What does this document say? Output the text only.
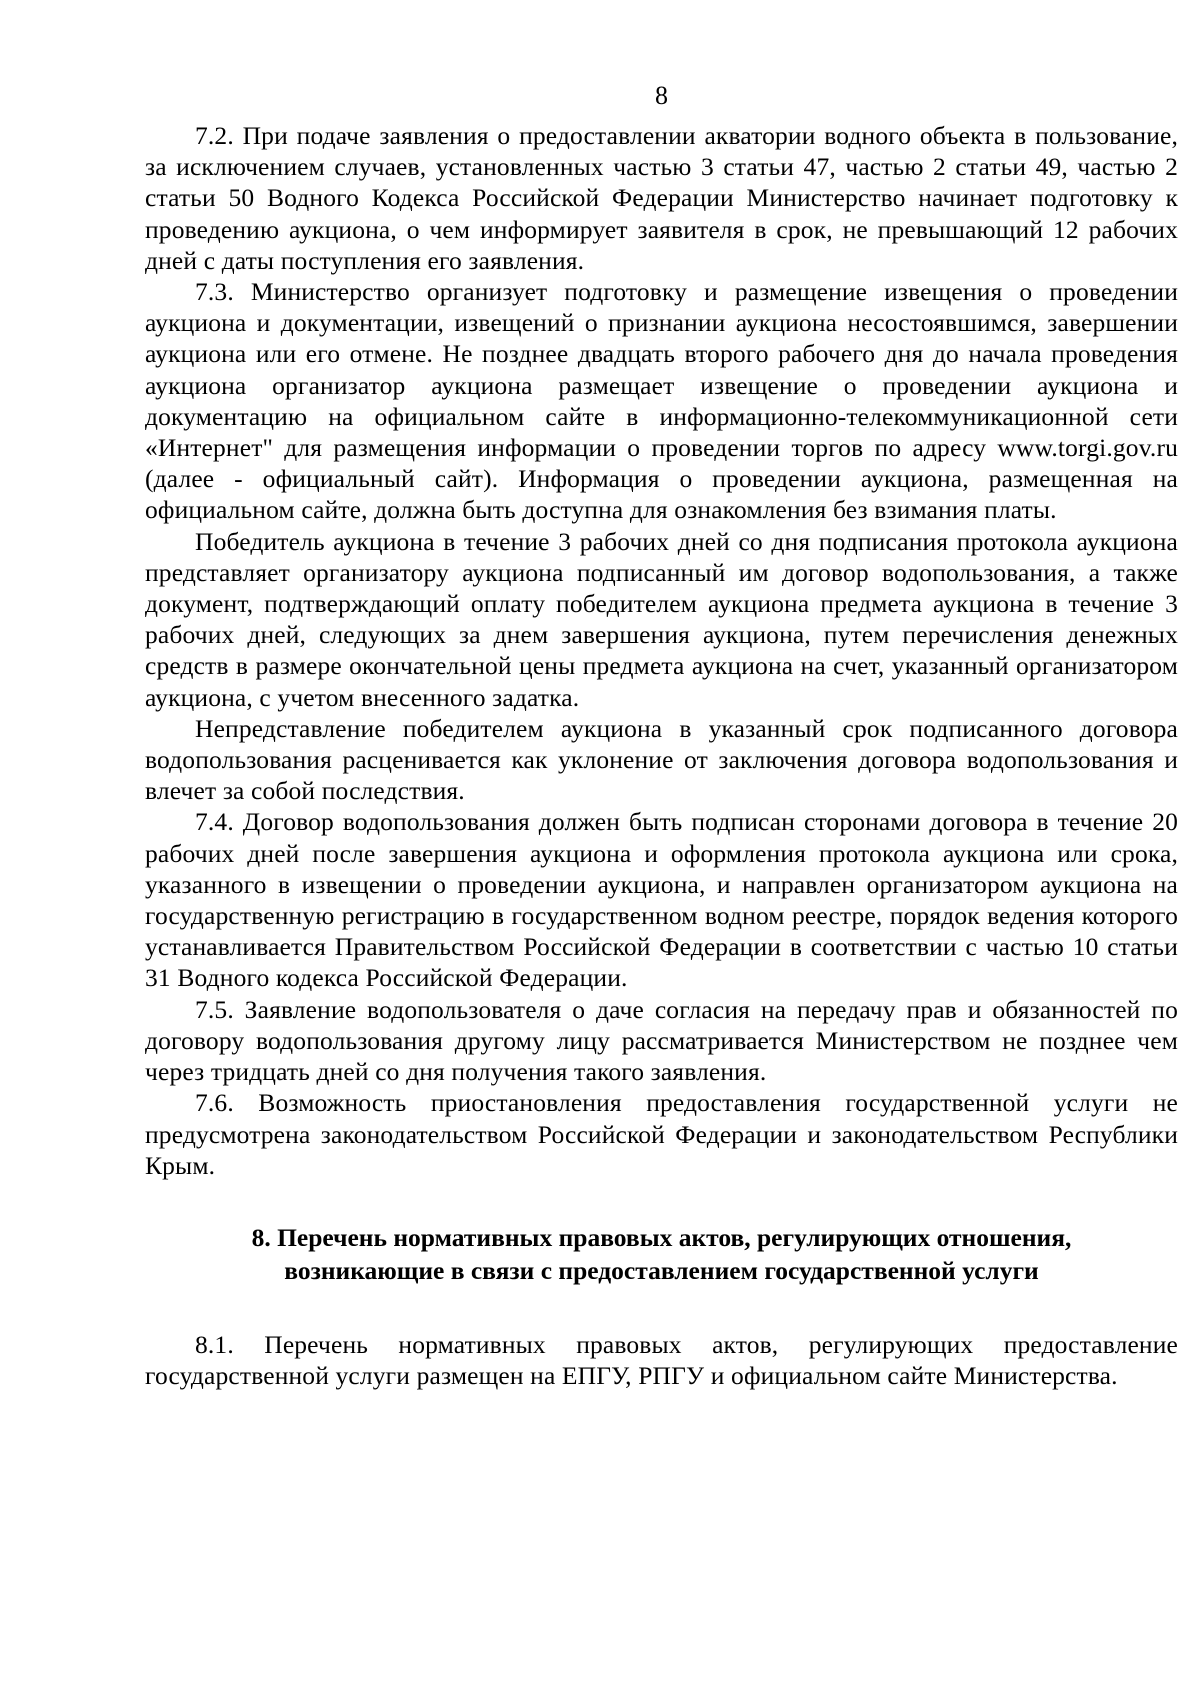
8

7.2. При подаче заявления о предоставлении акватории водного объекта в пользование, за исключением случаев, установленных частью 3 статьи 47, частью 2 статьи 49, частью 2 статьи 50 Водного Кодекса Российской Федерации Министерство начинает подготовку к проведению аукциона, о чем информирует заявителя в срок, не превышающий 12 рабочих дней с даты поступления его заявления.

7.3. Министерство организует подготовку и размещение извещения о проведении аукциона и документации, извещений о признании аукциона несостоявшимся, завершении аукциона или его отмене. Не позднее двадцать второго рабочего дня до начала проведения аукциона организатор аукциона размещает извещение о проведении аукциона и документацию на официальном сайте в информационно-телекоммуникационной сети «Интернет" для размещения информации о проведении торгов по адресу www.torgi.gov.ru (далее - официальный сайт). Информация о проведении аукциона, размещенная на официальном сайте, должна быть доступна для ознакомления без взимания платы.

Победитель аукциона в течение 3 рабочих дней со дня подписания протокола аукциона представляет организатору аукциона подписанный им договор водопользования, а также документ, подтверждающий оплату победителем аукциона предмета аукциона в течение 3 рабочих дней, следующих за днем завершения аукциона, путем перечисления денежных средств в размере окончательной цены предмета аукциона на счет, указанный организатором аукциона, с учетом внесенного задатка.

Непредставление победителем аукциона в указанный срок подписанного договора водопользования расценивается как уклонение от заключения договора водопользования и влечет за собой последствия.

7.4. Договор водопользования должен быть подписан сторонами договора в течение 20 рабочих дней после завершения аукциона и оформления протокола аукциона или срока, указанного в извещении о проведении аукциона, и направлен организатором аукциона на государственную регистрацию в государственном водном реестре, порядок ведения которого устанавливается Правительством Российской Федерации в соответствии с частью 10 статьи 31 Водного кодекса Российской Федерации.

7.5. Заявление водопользователя о даче согласия на передачу прав и обязанностей по договору водопользования другому лицу рассматривается Министерством не позднее чем через тридцать дней со дня получения такого заявления.

7.6. Возможность приостановления предоставления государственной услуги не предусмотрена законодательством Российской Федерации и законодательством Республики Крым.

8. Перечень нормативных правовых актов, регулирующих отношения,
возникающие в связи с предоставлением государственной услуги

8.1. Перечень нормативных правовых актов, регулирующих предоставление государственной услуги размещен на ЕПГУ, РПГУ и официальном сайте Министерства.
